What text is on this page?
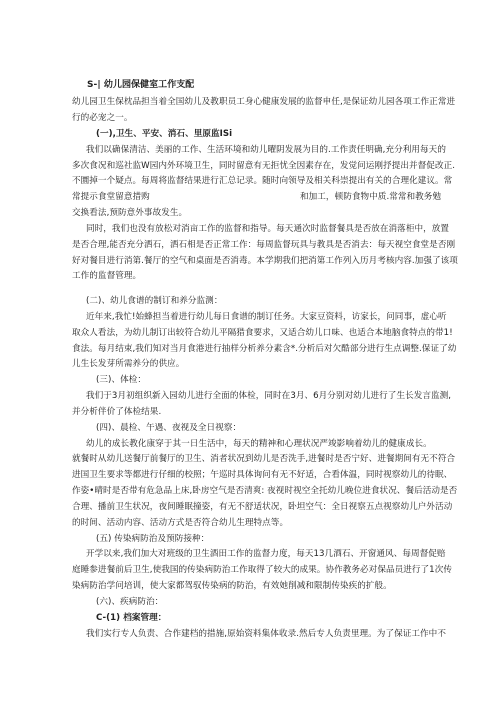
S-| 幼儿园保健室工作支配

幼儿园卫生保枕品担当着全国幼儿及教职员工身心健康发展的监督申任,是保证幼儿园各项工作正常进

行的必宠之一。

(一),卫生、平安、消石、里原监ISi

我们以确保清洁、美丽的工作、生活环境和幼儿曜阴发展为目的.工作责任明确,充分利用每天的

多次食况和巡社监W园内外环境卫生，同时留意有无拒忧全因素存在，发觉问运刚抒提出并督促改正.

不圜掉一个疑点。每周将监督结果进行汇总记录。随时向领导及相关科崇提出有关的合理化建议。常

常提示食堂留意措购	和加工，顿防食物中质.常常和教务勉

交换看法,预防意外事故发生。

同时，我们也没有放松对消亩工作的监督和指导。每天通次时监督餐具是否放在消落柜中，放置

是否合理,能否充分洒石，洒石相是否正常工作：每周监督玩具与教具是否消去：每天视空食堂是否刚

好对餐目进行消第.餐厅的空气和桌面是否消毒。本学期我们把消第工作列入历月考核内容.加强了该项

工作的监督管理。

(二)、幼儿食谱的制订和养分监测：

近年来,我忙!始蜂担当着进行幼儿每日食谱的制订任务。大家豆资料，访家长，问同事，虚心听

取众人看法，为幼儿制订出较符合幼儿平隔猎食要求，又适合幼儿口味、也适合本地脑食特点的带1!

食法。每月结束,我们知对当月食港进行抽样分析养分素含*.分析后对欠酷部分进行生点调整.保证了幼

儿生长发芽所需养分的供应。

(三)、体检：

我们于3月初组织新入园幼儿进行全面的体检，同时在3月、6月分别对幼儿进行了生长发言监测,

并分析伴价了体检结果.

(四)、晨检、午遇、夜视及全日视察：

幼儿的成长教化康穿于其一日生活中，每天的精神和心理状况严竣影响着幼儿的健康成长。

就餐时从幼儿送餐厅前餐厅的卫生、消者状况到幼儿是否洗手,进餐时是否宁好、进餐期间有无不符合

进国卫生要求等都进行仔细的校照；午巡时具体询问有无不好适，合看体温，同时视察幼儿的待眠、

作姿•晴时是否带有危急品上床,卧房空气是否清爽: 夜视时视空全托幼儿晚位进食状况、餐后活动是否

合理、播前卫生状况，夜间睡眠撞姿，有无不舒适状况，卧坦空气：全日视察五点视察幼儿户外活动

的时间、活动内容、活动方式是否符合幼儿生理特点等。

(五) 传染病防治及预防接种：

开学以来,我们加大对班级的卫生酒田工作的监督力度，每天13几酒石、开窗通风、每周督促赔

庭睡参进餐前后卫生,使我国的传染病防治工作取得了较大的成果。协作教务必对保品员进行了1次传

染病防治学问培训，使大家都驾驭传染病的防治，有效她削减和限制传染疾的扩般。

(六)、疾病防治：

C-(1) 档案管理：

我们实行专人负责、合作建档的措施,原始资料集体收录.然后专人负责里理。为了保证工作中不
